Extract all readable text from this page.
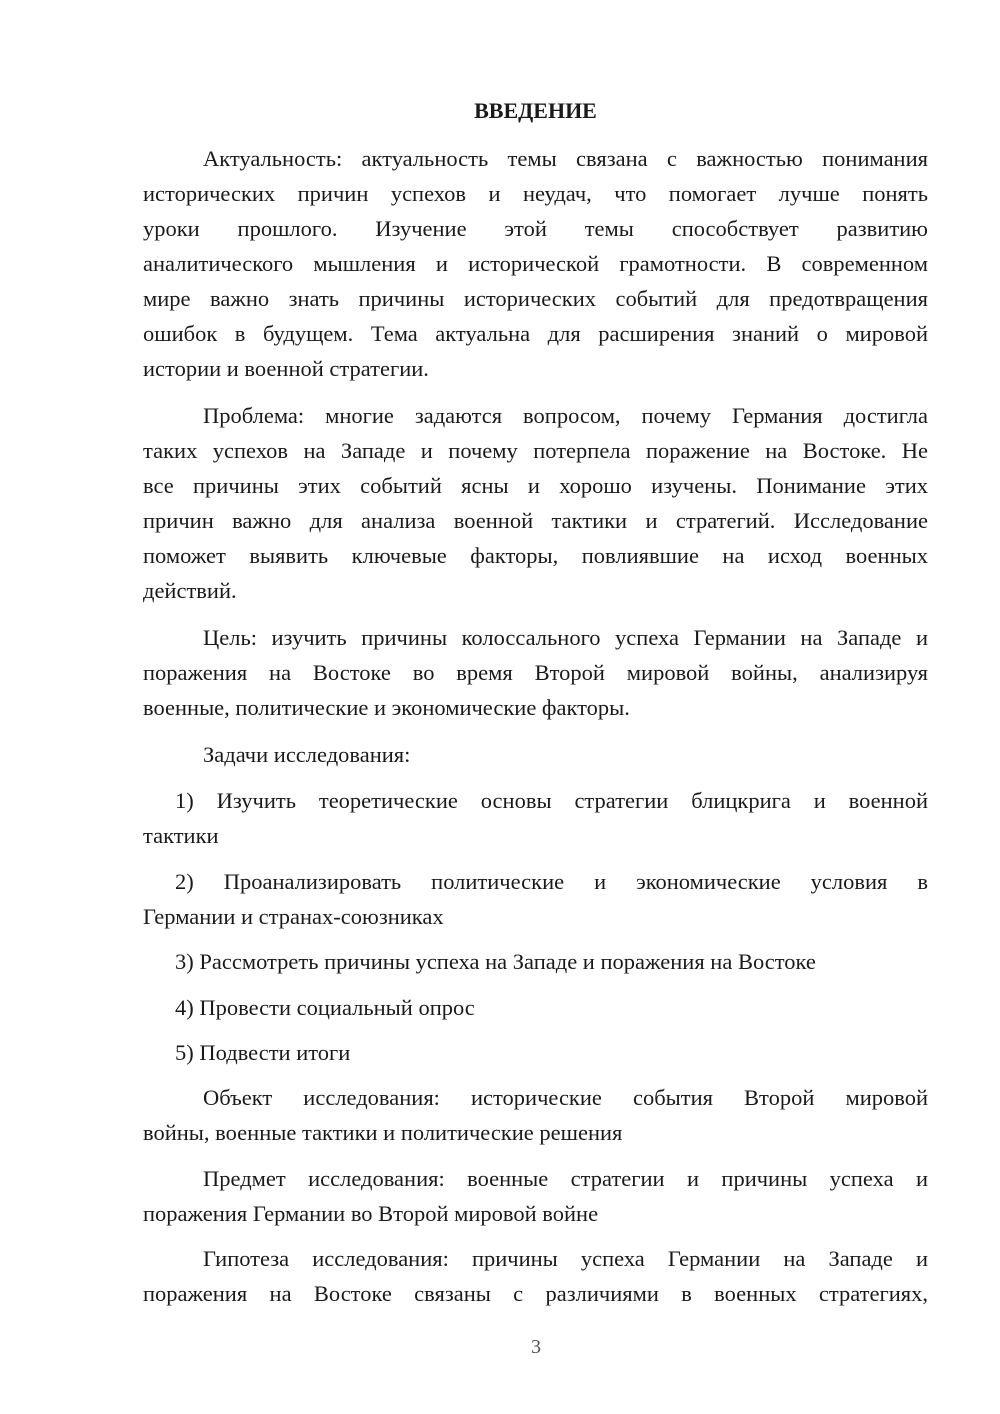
ВВЕДЕНИЕ
Актуальность: актуальность темы связана с важностью понимания
исторических причин успехов и неудач, что помогает лучше понять
уроки прошлого. Изучение этой темы способствует развитию
аналитического мышления и исторической грамотности. В современном
мире важно знать причины исторических событий для предотвращения
ошибок в будущем. Тема актуальна для расширения знаний о мировой
истории и военной стратегии.
Проблема: многие задаются вопросом, почему Германия достигла
таких успехов на Западе и почему потерпела поражение на Востоке. Не
все причины этих событий ясны и хорошо изучены. Понимание этих
причин важно для анализа военной тактики и стратегий. Исследование
поможет выявить ключевые факторы, повлиявшие на исход военных
действий.
Цель: изучить причины колоссального успеха Германии на Западе и
поражения на Востоке во время Второй мировой войны, анализируя
военные, политические и экономические факторы.
Задачи исследования:
1) Изучить теоретические основы стратегии блицкрига и военной
тактики
2) Проанализировать политические и экономические условия в
Германии и странах-союзниках
3) Рассмотреть причины успеха на Западе и поражения на Востоке
4) Провести социальный опрос
5) Подвести итоги
Объект исследования: исторические события Второй мировой
войны, военные тактики и политические решения
Предмет исследования: военные стратегии и причины успеха и
поражения Германии во Второй мировой войне
Гипотеза исследования: причины успеха Германии на Западе и
поражения на Востоке связаны с различиями в военных стратегиях,
3
